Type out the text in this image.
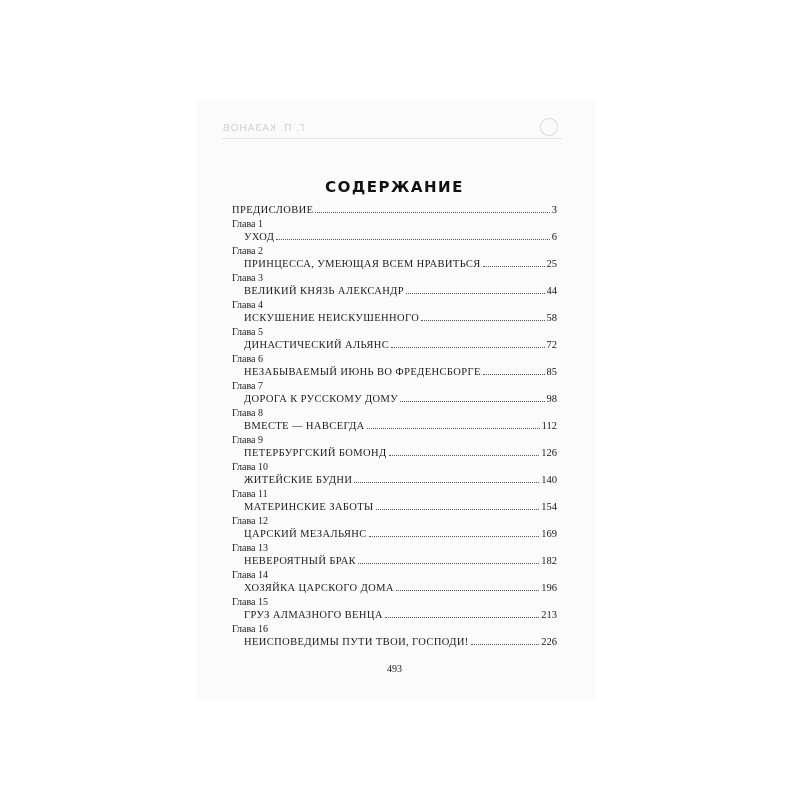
Г. П. КАЗАНОВ
СОДЕРЖАНИЕ
ПРЕДИСЛОВИЕ	3
Глава 1
УХОД	6
Глава 2
ПРИНЦЕССА, УМЕЮЩАЯ ВСЕМ НРАВИТЬСЯ	25
Глава 3
ВЕЛИКИЙ КНЯЗЬ АЛЕКСАНДР	44
Глава 4
ИСКУШЕНИЕ НЕИСКУШЕННОГО	58
Глава 5
ДИНАСТИЧЕСКИЙ АЛЬЯНС	72
Глава 6
НЕЗАБЫВАЕМЫЙ ИЮНЬ ВО ФРЕДЕНСБОРГЕ	85
Глава 7
ДОРОГА К РУССКОМУ ДОМУ	98
Глава 8
ВМЕСТЕ — НАВСЕГДА	112
Глава 9
ПЕТЕРБУРГСКИЙ БОМОНД	126
Глава 10
ЖИТЕЙСКИЕ БУДНИ	140
Глава 11
МАТЕРИНСКИЕ ЗАБОТЫ	154
Глава 12
ЦАРСКИЙ МЕЗАЛЬЯНС	169
Глава 13
НЕВЕРОЯТНЫЙ БРАК	182
Глава 14
ХОЗЯЙКА ЦАРСКОГО ДОМА	196
Глава 15
ГРУЗ АЛМАЗНОГО ВЕНЦА	213
Глава 16
НЕИСПОВЕДИМЫ ПУТИ ТВОИ, ГОСПОДИ!	226
493
